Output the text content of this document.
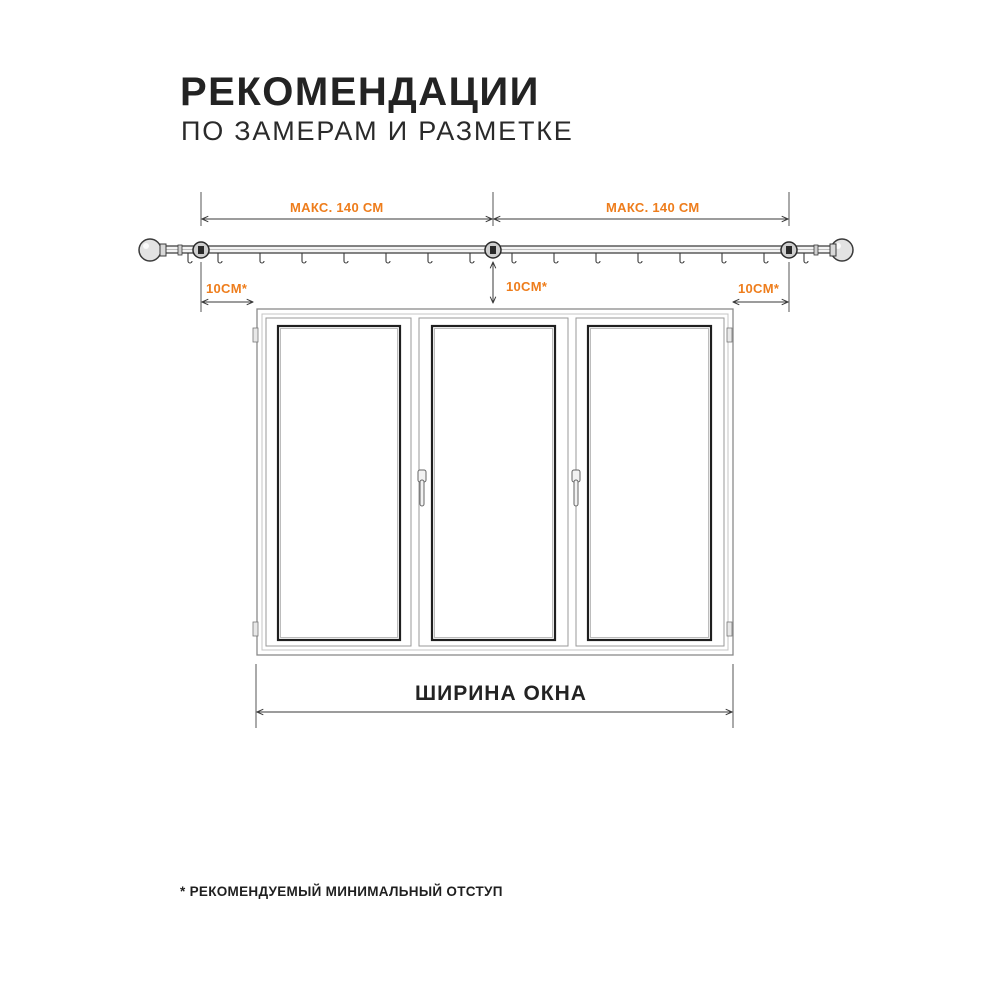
РЕКОМЕНДАЦИИ
ПО ЗАМЕРАМ И РАЗМЕТКЕ
МАКС. 140 СМ	МАКС. 140 СМ
10CM*	10CM*	10CM*
ШИРИНА ОКНА
* РЕКОМЕНДУЕМЫЙ МИНИМАЛЬНЫЙ ОТСТУП
